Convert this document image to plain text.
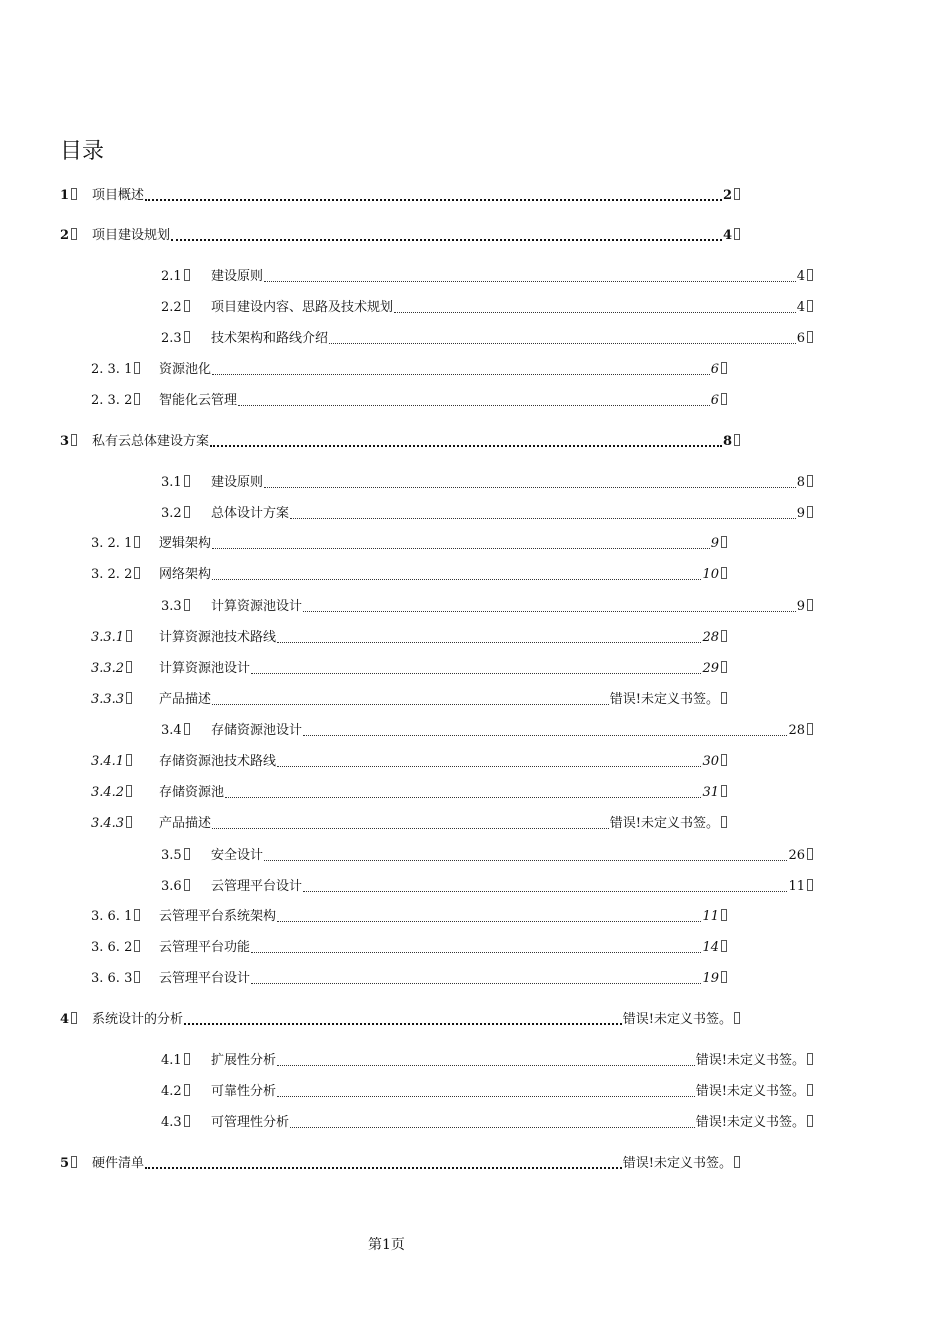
目录
1	项目概述	2
2	项目建设规划	4
2.1	建设原则	4
2.2	项目建设内容、思路及技术规划	4
2.3	技术架构和路线介绍	6
2. 3. 1	资源池化	6
2. 3. 2	智能化云管理	6
3	私有云总体建设方案	8
3.1	建设原则	8
3.2	总体设计方案	9
3. 2. 1	逻辑架构	9
3. 2. 2	网络架构	10
3.3	计算资源池设计	9
3.3.1	计算资源池技术路线	28
3.3.2	计算资源池设计	29
3.3.3	产品描述	错误!未定义书签。
3.4	存储资源池设计	28
3.4.1	存储资源池技术路线	30
3.4.2	存储资源池	31
3.4.3	产品描述	错误!未定义书签。
3.5	安全设计	26
3.6	云管理平台设计	11
3. 6. 1	云管理平台系统架构	11
3. 6. 2	云管理平台功能	14
3. 6. 3	云管理平台设计	19
4	系统设计的分析	错误!未定义书签。
4.1	扩展性分析	错误!未定义书签。
4.2	可靠性分析	错误!未定义书签。
4.3	可管理性分析	错误!未定义书签。
5	硬件清单	错误!未定义书签。
第1页
